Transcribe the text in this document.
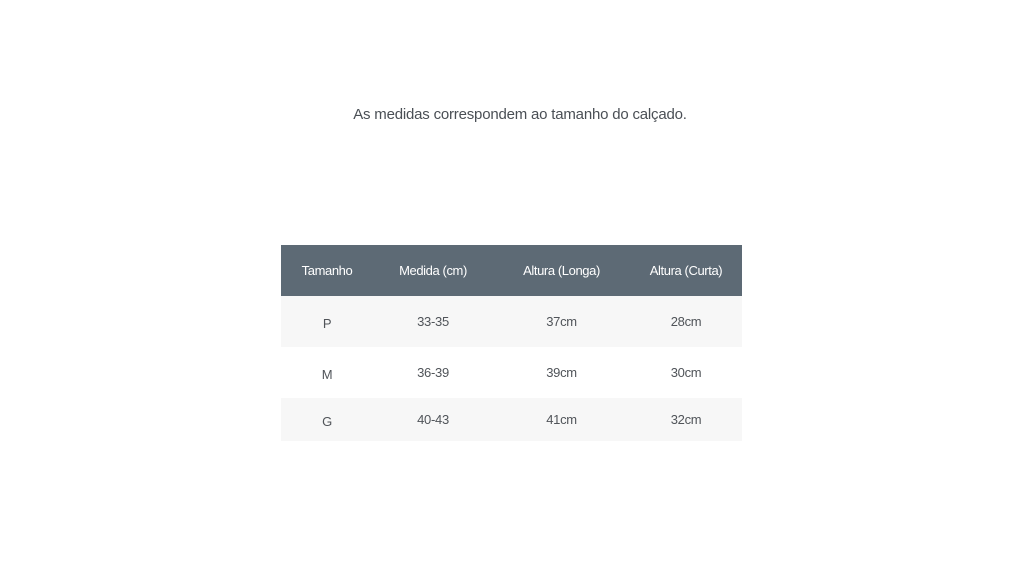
As medidas correspondem ao tamanho do calçado.
Tamanho	Medida (cm)	Altura (Longa)	Altura (Curta)
P	33-35	37cm	28cm
M	36-39	39cm	30cm
G	40-43	41cm	32cm
